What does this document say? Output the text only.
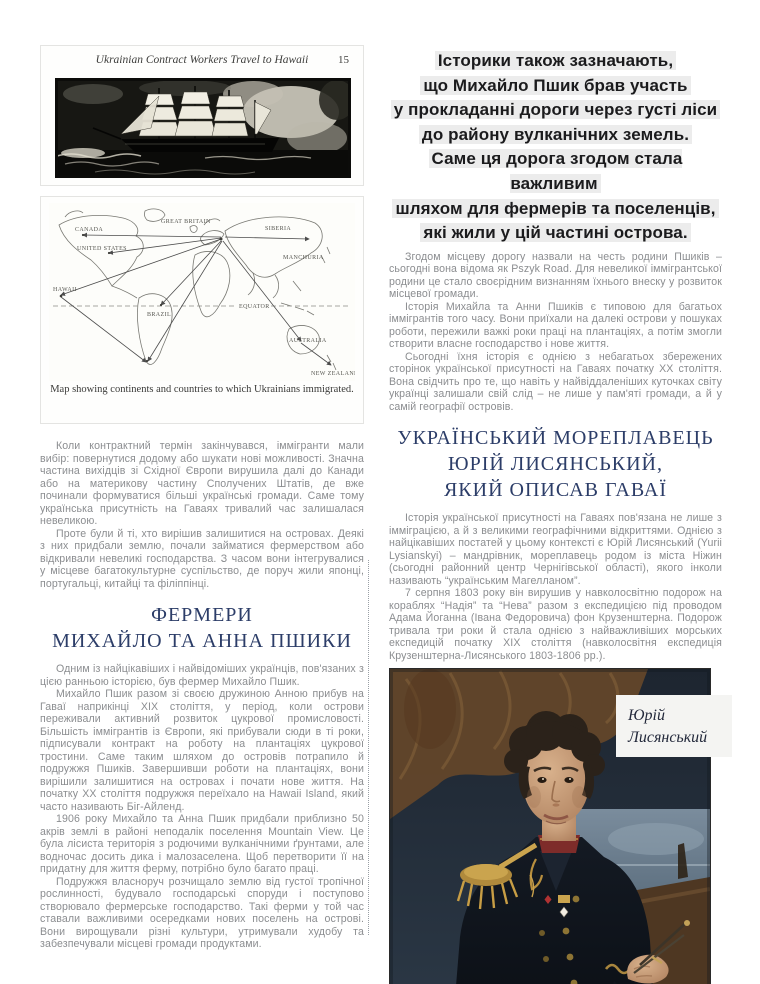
Ukrainian Contract Workers Travel to Hawaii	15
CANADA
UNITED STATES
HAWAII
BRAZIL
GREAT BRITAIN
SIBERIA
MANCHURIA
EQUATOR
AUSTRALIA
NEW ZEALAND
Map showing continents and countries to which Ukrainians immigrated.

Коли контрактний термін закінчувався, іммігранти мали вибір: повернутися додому або шукати нові можливості. Значна частина вихідців зі Східної Європи вирушила далі до Канади або на материкову частину Сполучених Штатів, де вже починали формуватися більші українські громади. Саме тому українська присутність на Гаваях тривалий час залишалася невеликою.

Проте були й ті, хто вирішив залишитися на островах. Деякі з них придбали землю, почали займатися фермерством або відкривали невеликі господарства. З часом вони інтегрувалися у місцеве багатокультурне суспільство, де поруч жили японці, португальці, китайці та філіппінці.

ФЕРМЕРИ
МИХАЙЛО ТА АННА ПШИКИ

Одним із найцікавіших і найвідоміших українців, пов'язаних з цією ранньою історією, був фермер Михайло Пшик.

Михайло Пшик разом зі своєю дружиною Анною прибув на Гаваї наприкінці XIX століття, у період, коли острови переживали активний розвиток цукрової промисловості. Більшість іммігрантів із Європи, які прибували сюди в ті роки, підписували контракт на роботу на плантаціях цукрової тростини. Саме таким шляхом до островів потрапило й подружжя Пшиків. Завершивши роботи на плантаціях, вони вирішили залишитися на островах і почати нове життя. На початку XX століття подружжя переїхало на Hawaii Island, який часто називають Біг-Айленд.

1906 року Михайло та Анна Пшик придбали приблизно 50 акрів землі в районі неподалік поселення Mountain View. Це була лісиста територія з родючими вулканічними ґрунтами, але водночас досить дика і малозаселена. Щоб перетворити її на придатну для життя ферму, потрібно було багато праці.

Подружжя власноруч розчищало землю від густої тропічної рослинності, будувало господарські споруди і поступово створювало фермерське господарство. Такі ферми у той час ставали важливими осередками нових поселень на острові. Вони вирощували різні культури, утримували худобу та забезпечували місцеві громади продуктами.

Історики також зазначають,
що Михайло Пшик брав участь
у прокладанні дороги через густі ліси
до району вулканічних земель.
Саме ця дорога згодом стала важливим
шляхом для фермерів та поселенців,
які жили у цій частині острова.

Згодом місцеву дорогу назвали на честь родини Пшиків – сьогодні вона відома як Pszyk Road. Для невеликої іммігрантської родини це стало своєрідним визнанням їхнього внеску у розвиток місцевої громади.

Історія Михайла та Анни Пшиків є типовою для багатьох іммігрантів того часу. Вони приїхали на далекі острови у пошуках роботи, пережили важкі роки праці на плантаціях, а потім змогли створити власне господарство і нове життя.

Сьогодні їхня історія є однією з небагатьох збережених сторінок української присутності на Гаваях початку XX століття. Вона свідчить про те, що навіть у найвіддаленіших куточках світу українці залишали свій слід – не лише у пам'яті громади, а й у самій географії островів.

УКРАЇНСЬКИЙ МОРЕПЛАВЕЦЬ
ЮРІЙ ЛИСЯНСЬКИЙ,
ЯКИЙ ОПИСАВ ГАВАЇ

Історія української присутності на Гаваях пов'язана не лише з імміграцією, а й з великими географічними відкриттями. Однією з найцікавіших постатей у цьому контексті є Юрій Лисянський (Yurii Lysianskyi) – мандрівник, мореплавець родом із міста Ніжин (сьогодні районний центр Чернігівської області), якого інколи називають “українським Магелланом”.

7 серпня 1803 року він вирушив у навколосвітню подорож на кораблях “Надія” та “Нева” разом з експедицією під проводом Адама Йоганна (Івана Федоровича) фон Крузенштерна. Подорож тривала три роки й стала однією з найважливіших морських експедицій початку XIX століття (навколосвітня експедиція Крузенштерна-Лисянського 1803-1806 рр.).

Юрій
Лисянський
